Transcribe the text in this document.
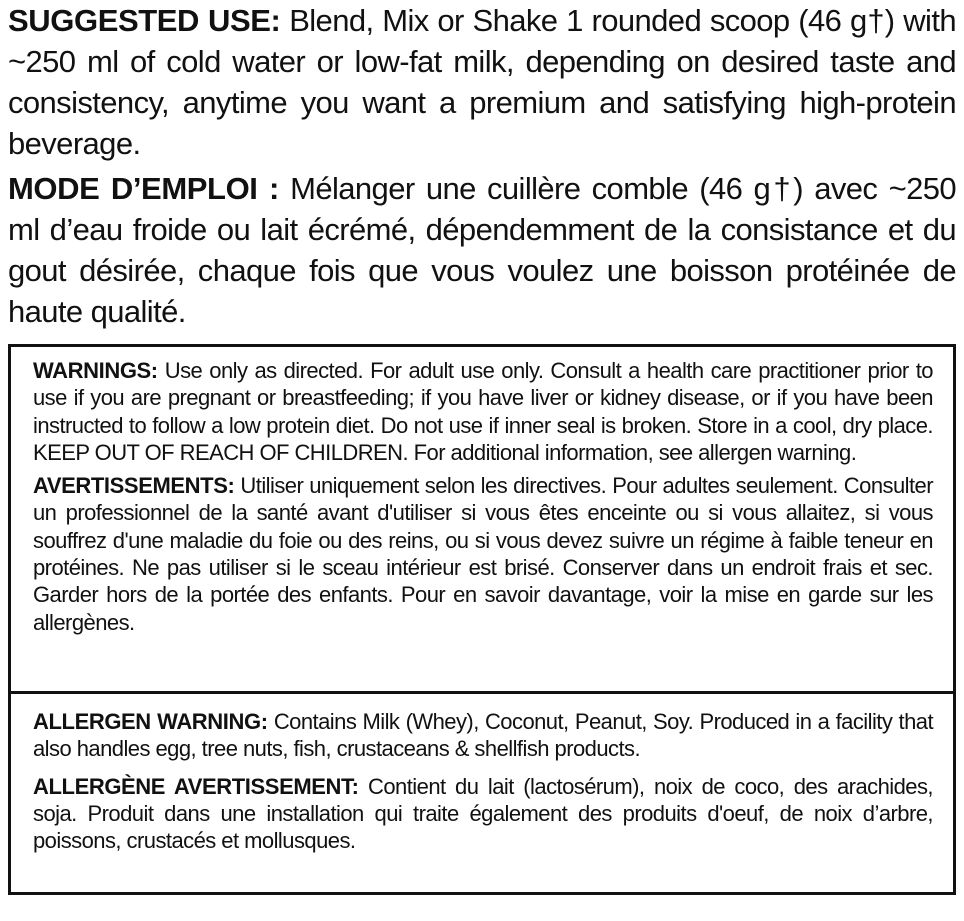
SUGGESTED USE: Blend, Mix or Shake 1 rounded scoop (46 g†) with ~250 ml of cold water or low-fat milk, depending on desired taste and consistency, anytime you want a premium and satisfying high-protein beverage.

MODE D’EMPLOI : Mélanger une cuillère comble (46 g†) avec ~250 ml d’eau froide ou lait écrémé, dépendemment de la consistance et du gout désirée, chaque fois que vous voulez une boisson protéinée de haute qualité.

WARNINGS: Use only as directed. For adult use only. Consult a health care practitioner prior to use if you are pregnant or breastfeeding; if you have liver or kidney disease, or if you have been instructed to follow a low protein diet. Do not use if inner seal is broken. Store in a cool, dry place. KEEP OUT OF REACH OF CHILDREN. For additional information, see allergen warning.

AVERTISSEMENTS: Utiliser uniquement selon les directives. Pour adultes seulement. Consulter un professionnel de la santé avant d'utiliser si vous êtes enceinte ou si vous allaitez, si vous souffrez d'une maladie du foie ou des reins, ou si vous devez suivre un régime à faible teneur en protéines. Ne pas utiliser si le sceau intérieur est brisé. Conserver dans un endroit frais et sec. Garder hors de la portée des enfants. Pour en savoir davantage, voir la mise en garde sur les allergènes.

ALLERGEN WARNING: Contains Milk (Whey), Coconut, Peanut, Soy. Produced in a facility that also handles egg, tree nuts, fish, crustaceans & shellfish products.

ALLERGÈNE AVERTISSEMENT: Contient du lait (lactosérum), noix de coco, des arachides, soja. Produit dans une installation qui traite également des produits d'oeuf, de noix d’arbre, poissons, crustacés et mollusques.
